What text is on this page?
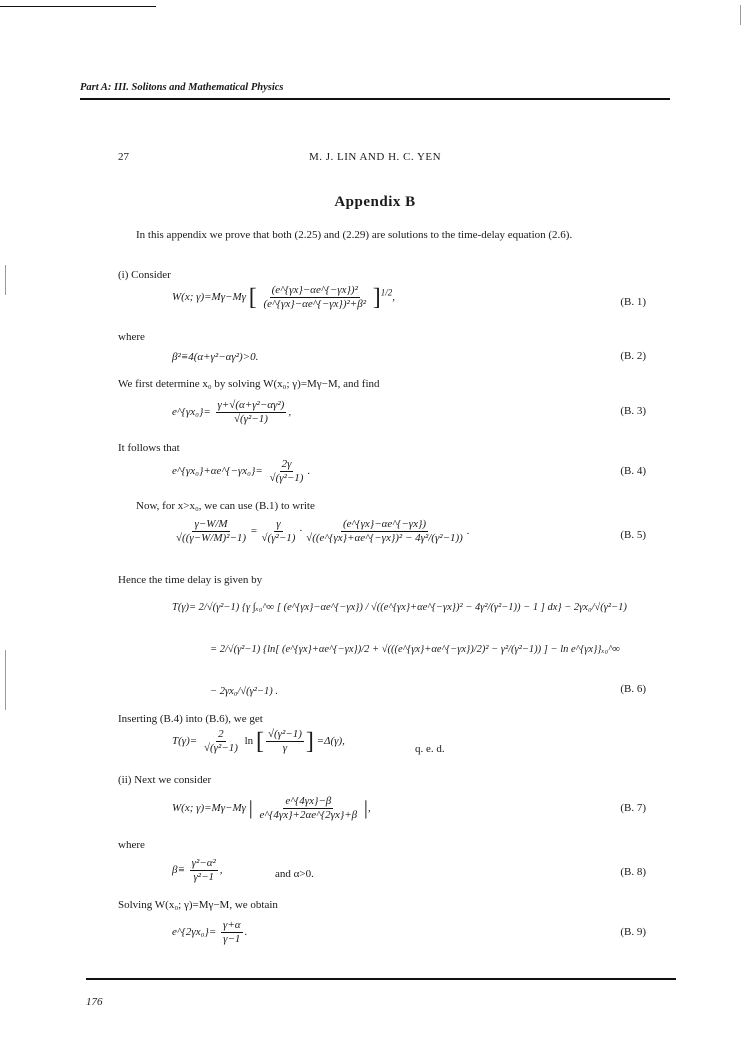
Part A: III. Solitons and Mathematical Physics
27	M. J. LIN AND H. C. YEN
Appendix B
In this appendix we prove that both (2.25) and (2.29) are solutions to the time-delay equation (2.6).
(i) Consider
W(x; γ)=Mγ−Mγ [ $\frac{\text{(e\textasciicircum{}\{γx\}−αe\textasciicircum{}\{−γx\})²}}{\text{(e\textasciicircum{}\{γx\}−αe\textasciicircum{}\{−γx\})²+β²}} ]^{1/2}$,	(B. 1)
where
β²≡4(α+γ²−αγ²)>0.	(B. 2)
We first determine x₀ by solving W(x₀; γ)=Mγ−M, and find
e^{γx₀}= $\frac{\text{γ+√(α+γ²−αγ²)}}{\text{√(γ²−1)}}$ ,	(B. 3)
It follows that
e^{γx₀}+αe^{−γx₀}= $\frac{2\gamma}{\text{√(γ²−1)}}$ .	(B. 4)
Now, for x>x₀, we can use (B.1) to write
$\frac{\gamma-W/M}{\text{√((γ−W/M)²−1)}} = \frac{\gamma}{\text{√(γ²−1)}} \cdot \frac{(e\^{}\{\gamma x\}-\alpha e\^{}\{-\gamma x\})}{\text{√((e\textasciicircum{}\{γx\}+αe\textasciicircum{}\{−γx\})² − 4γ²/(γ²−1))}}$ .	(B. 5)
Hence the time delay is given by
T(γ)= 2/√(γ²−1) {γ ∫ₓ₀^∞ [ (e^{γx}−αe^{−γx}) / √((e^{γx}+αe^{−γx})² − 4γ²/(γ²−1)) − 1 ] dx} − 2γx₀/√(γ²−1)
= 2/√(γ²−1) {ln[ (e^{γx}+αe^{−γx})/2 + √(((e^{γx}+αe^{−γx})/2)² − γ²/(γ²−1)) ] − ln e^{γx}}ₓ₀^∞
− 2γx₀/√(γ²−1) .	(B. 6)
Inserting (B.4) into (B.6), we get
$T(\gamma)= \frac{2}{\text{√(γ²−1)}}$ ln [ $\frac{\text{√(γ²−1)}}{\gamma}$ ] =Δ(γ),
q. e. d.
(ii) Next we consider
W(x; γ)=Mγ−Mγ | $\frac{e\^{}\{4\gamma x\}-\beta}{e\^{}\{4\gamma x\}+2\alpha e\^{}\{2\gamma x\}+\beta}$ |,	(B. 7)
where
$\beta\equiv \frac{\text{γ²−α²}}{\text{γ²−1}}$ ,	and α>0.	(B. 8)
Solving W(x₀; γ)=Mγ−M, we obtain
e^{2γx₀}= $\frac{\gamma+\alpha}{\gamma-1}$ .	(B. 9)
176
